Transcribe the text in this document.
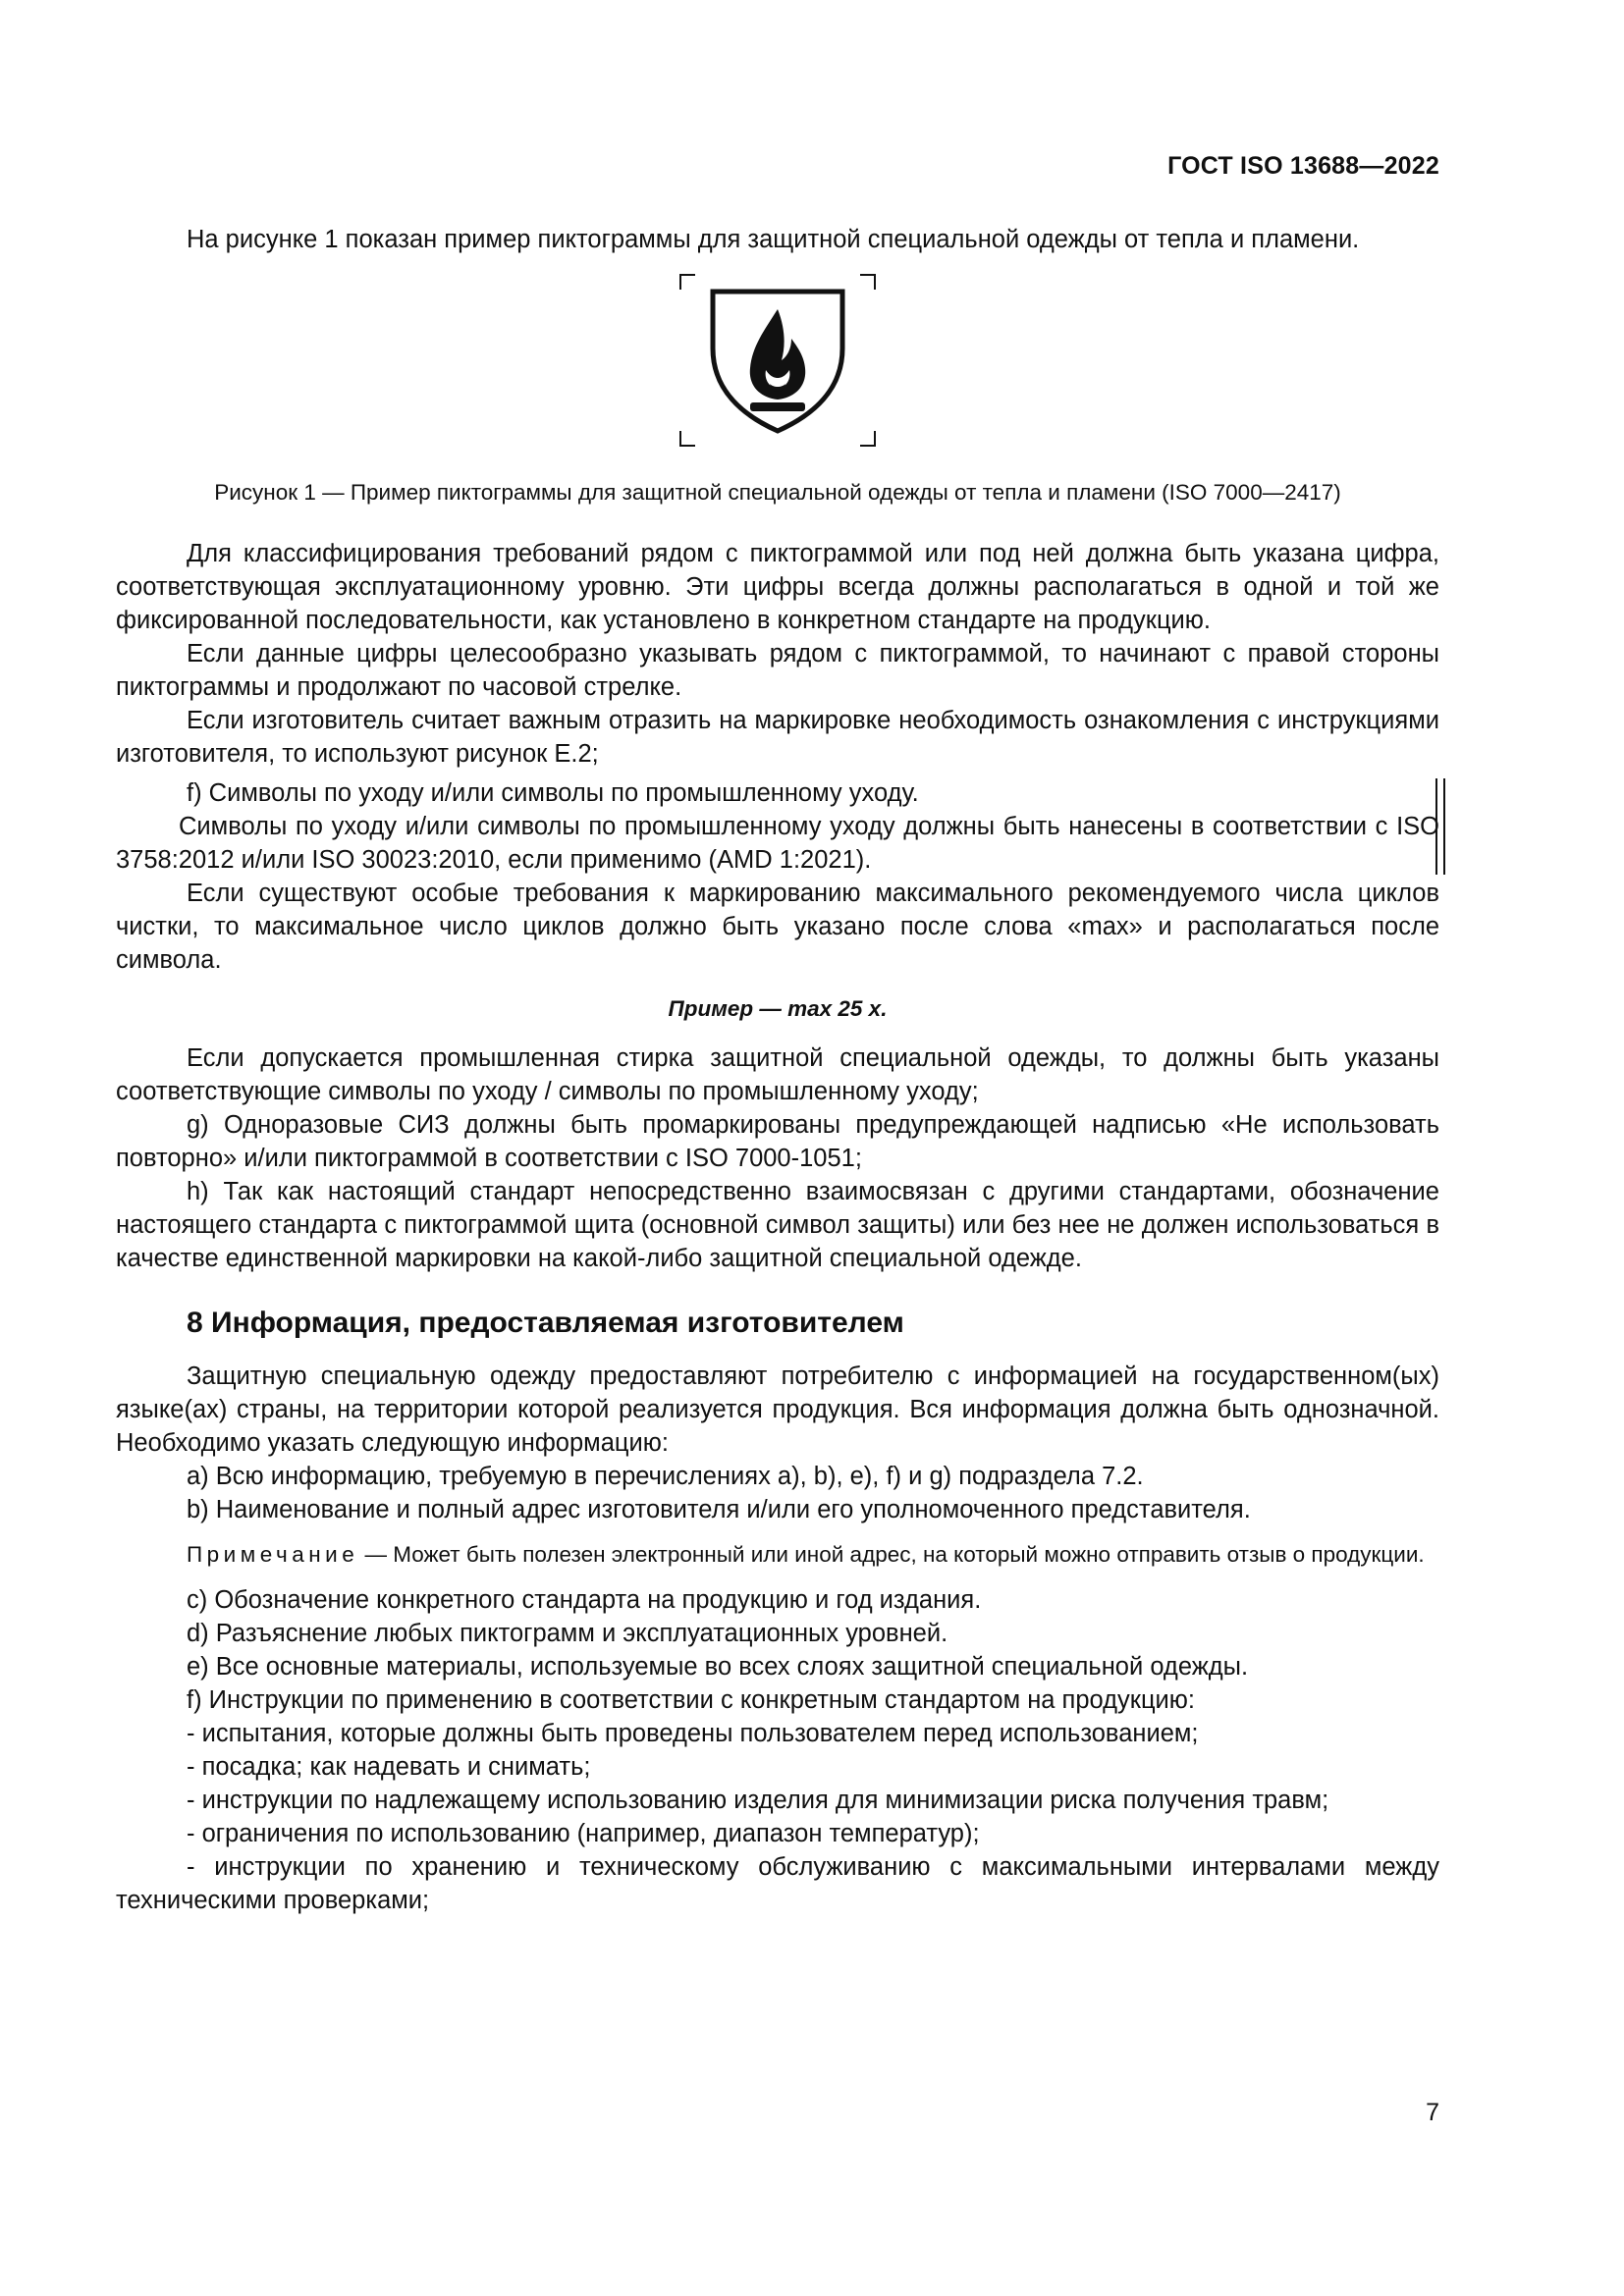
ГОСТ ISO 13688—2022

На рисунке 1 показан пример пиктограммы для защитной специальной одежды от тепла и пламени.

Рисунок 1 — Пример пиктограммы для защитной специальной одежды от тепла и пламени (ISO 7000—2417)

Для классифицирования требований рядом с пиктограммой или под ней должна быть указана цифра, соответствующая эксплуатационному уровню. Эти цифры всегда должны располагаться в одной и той же фиксированной последовательности, как установлено в конкретном стандарте на продукцию.

Если данные цифры целесообразно указывать рядом с пиктограммой, то начинают с правой стороны пиктограммы и продолжают по часовой стрелке.

Если изготовитель считает важным отразить на маркировке необходимость ознакомления с инструкциями изготовителя, то используют рисунок E.2;

f) Символы по уходу и/или символы по промышленному уходу.

Символы по уходу и/или символы по промышленному уходу должны быть нанесены в соответствии с ISO 3758:2012 и/или ISO 30023:2010, если применимо (AMD 1:2021).

Если существуют особые требования к маркированию максимального рекомендуемого числа циклов чистки, то максимальное число циклов должно быть указано после слова «max» и располагаться после символа.

Пример — max 25 x.

Если допускается промышленная стирка защитной специальной одежды, то должны быть указаны соответствующие символы по уходу / символы по промышленному уходу;

g) Одноразовые СИЗ должны быть промаркированы предупреждающей надписью «Не использовать повторно» и/или пиктограммой в соответствии с ISO 7000-1051;

h) Так как настоящий стандарт непосредственно взаимосвязан с другими стандартами, обозначение настоящего стандарта с пиктограммой щита (основной символ защиты) или без нее не должен использоваться в качестве единственной маркировки на какой-либо защитной специальной одежде.

8 Информация, предоставляемая изготовителем

Защитную специальную одежду предоставляют потребителю с информацией на государственном(ых) языке(ах) страны, на территории которой реализуется продукция. Вся информация должна быть однозначной. Необходимо указать следующую информацию:

a) Всю информацию, требуемую в перечислениях a), b), e), f) и g) подраздела 7.2.

b) Наименование и полный адрес изготовителя и/или его уполномоченного представителя.

Примечание — Может быть полезен электронный или иной адрес, на который можно отправить отзыв о продукции.

c) Обозначение конкретного стандарта на продукцию и год издания.

d) Разъяснение любых пиктограмм и эксплуатационных уровней.

e) Все основные материалы, используемые во всех слоях защитной специальной одежды.

f) Инструкции по применению в соответствии с конкретным стандартом на продукцию:

- испытания, которые должны быть проведены пользователем перед использованием;

- посадка; как надевать и снимать;

- инструкции по надлежащему использованию изделия для минимизации риска получения травм;

- ограничения по использованию (например, диапазон температур);

- инструкции по хранению и техническому обслуживанию с максимальными интервалами между техническими проверками;

7
